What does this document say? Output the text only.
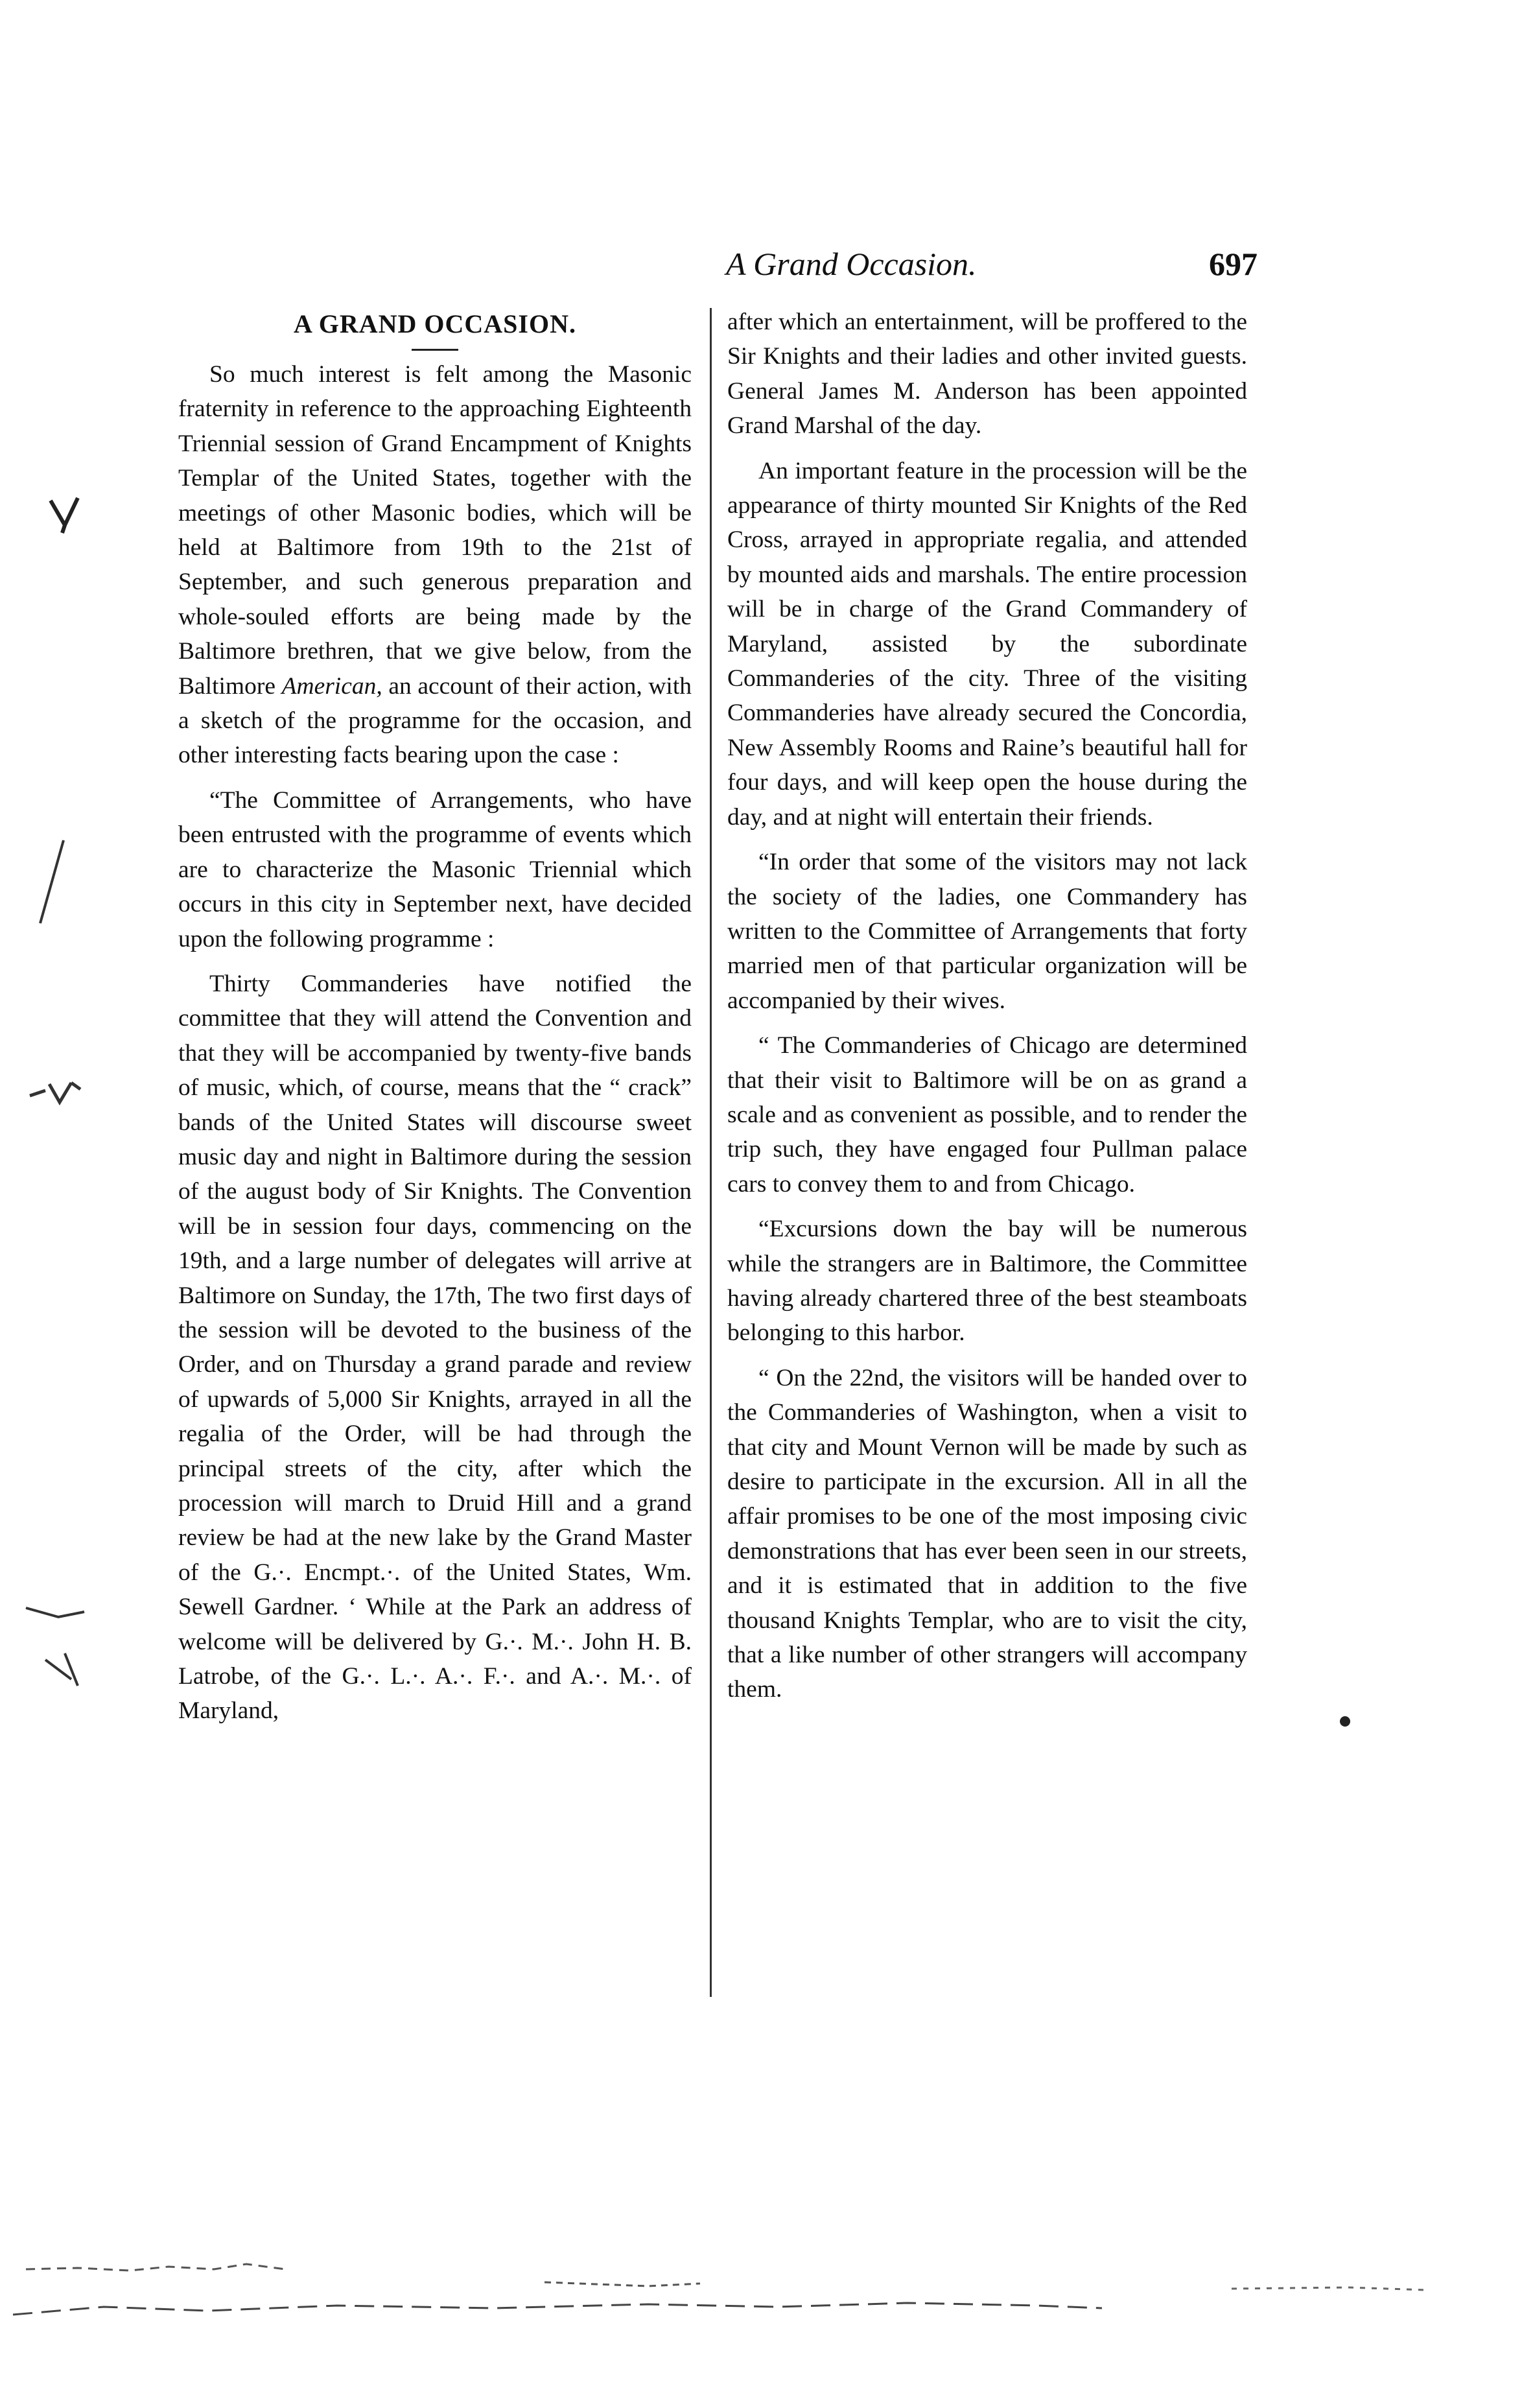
A Grand Occasion.	697
A GRAND OCCASION.

So much interest is felt among the Masonic fraternity in reference to the approaching Eighteenth Triennial session of Grand Encampment of Knights Templar of the United States, together with the meetings of other Masonic bodies, which will be held at Baltimore from 19th to the 21st of September, and such generous preparation and whole-souled efforts are being made by the Baltimore brethren, that we give below, from the Baltimore American, an account of their action, with a sketch of the programme for the occasion, and other interesting facts bearing upon the case :

“The Committee of Arrangements, who have been entrusted with the programme of events which are to characterize the Masonic Triennial which occurs in this city in September next, have decided upon the following programme :

Thirty Commanderies have notified the committee that they will attend the Convention and that they will be accompanied by twenty-five bands of music, which, of course, means that the “ crack” bands of the United States will discourse sweet music day and night in Baltimore during the session of the august body of Sir Knights. The Convention will be in session four days, commencing on the 19th, and a large number of delegates will arrive at Baltimore on Sunday, the 17th, The two first days of the session will be devoted to the business of the Order, and on Thursday a grand parade and review of upwards of 5,000 Sir Knights, arrayed in all the regalia of the Order, will be had through the principal streets of the city, after which the procession will march to Druid Hill and a grand review be had at the new lake by the Grand Master of the G.·. Encmpt.·. of the United States, Wm. Sewell Gardner. ‘ While at the Park an address of welcome will be delivered by G.·. M.·. John H. B. Latrobe, of the G.·. L.·. A.·. F.·. and A.·. M.·. of Maryland,

after which an entertainment, will be proffered to the Sir Knights and their ladies and other invited guests. General James M. Anderson has been appointed Grand Marshal of the day.

An important feature in the procession will be the appearance of thirty mounted Sir Knights of the Red Cross, arrayed in appropriate regalia, and attended by mounted aids and marshals. The entire procession will be in charge of the Grand Commandery of Maryland, assisted by the subordinate Commanderies of the city. Three of the visiting Commanderies have already secured the Concordia, New Assembly Rooms and Raine’s beautiful hall for four days, and will keep open the house during the day, and at night will entertain their friends.

“In order that some of the visitors may not lack the society of the ladies, one Commandery has written to the Committee of Arrangements that forty married men of that particular organization will be accompanied by their wives.

“ The Commanderies of Chicago are determined that their visit to Baltimore will be on as grand a scale and as convenient as possible, and to render the trip such, they have engaged four Pullman palace cars to convey them to and from Chicago.

“Excursions down the bay will be numerous while the strangers are in Baltimore, the Committee having already chartered three of the best steamboats belonging to this harbor.

“ On the 22nd, the visitors will be handed over to the Commanderies of Washington, when a visit to that city and Mount Vernon will be made by such as desire to participate in the excursion. All in all the affair promises to be one of the most imposing civic demonstrations that has ever been seen in our streets, and it is estimated that in addition to the five thousand Knights Templar, who are to visit the city, that a like number of other strangers will accompany them.
